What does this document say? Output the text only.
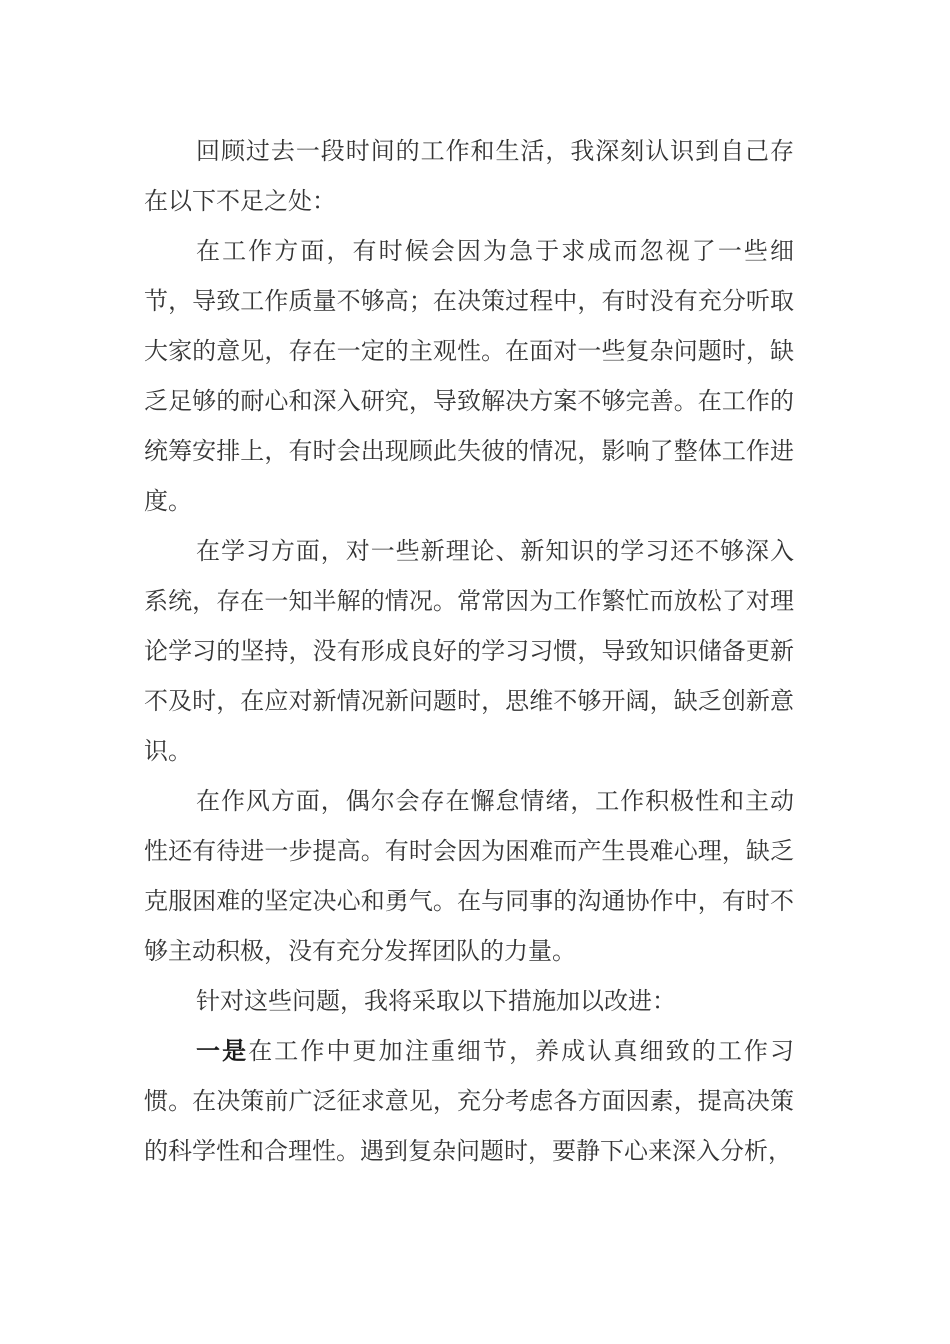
回顾过去一段时间的工作和生活，我深刻认识到自己存在以下不足之处：

在工作方面，有时候会因为急于求成而忽视了一些细节，导致工作质量不够高；在决策过程中，有时没有充分听取大家的意见，存在一定的主观性。在面对一些复杂问题时，缺乏足够的耐心和深入研究，导致解决方案不够完善。在工作的统筹安排上，有时会出现顾此失彼的情况，影响了整体工作进度。

在学习方面，对一些新理论、新知识的学习还不够深入系统，存在一知半解的情况。常常因为工作繁忙而放松了对理论学习的坚持，没有形成良好的学习习惯，导致知识储备更新不及时，在应对新情况新问题时，思维不够开阔，缺乏创新意识。

在作风方面，偶尔会存在懈怠情绪，工作积极性和主动性还有待进一步提高。有时会因为困难而产生畏难心理，缺乏克服困难的坚定决心和勇气。在与同事的沟通协作中，有时不够主动积极，没有充分发挥团队的力量。

针对这些问题，我将采取以下措施加以改进：

一是在工作中更加注重细节，养成认真细致的工作习惯。在决策前广泛征求意见，充分考虑各方面因素，提高决策的科学性和合理性。遇到复杂问题时，要静下心来深入分析，
